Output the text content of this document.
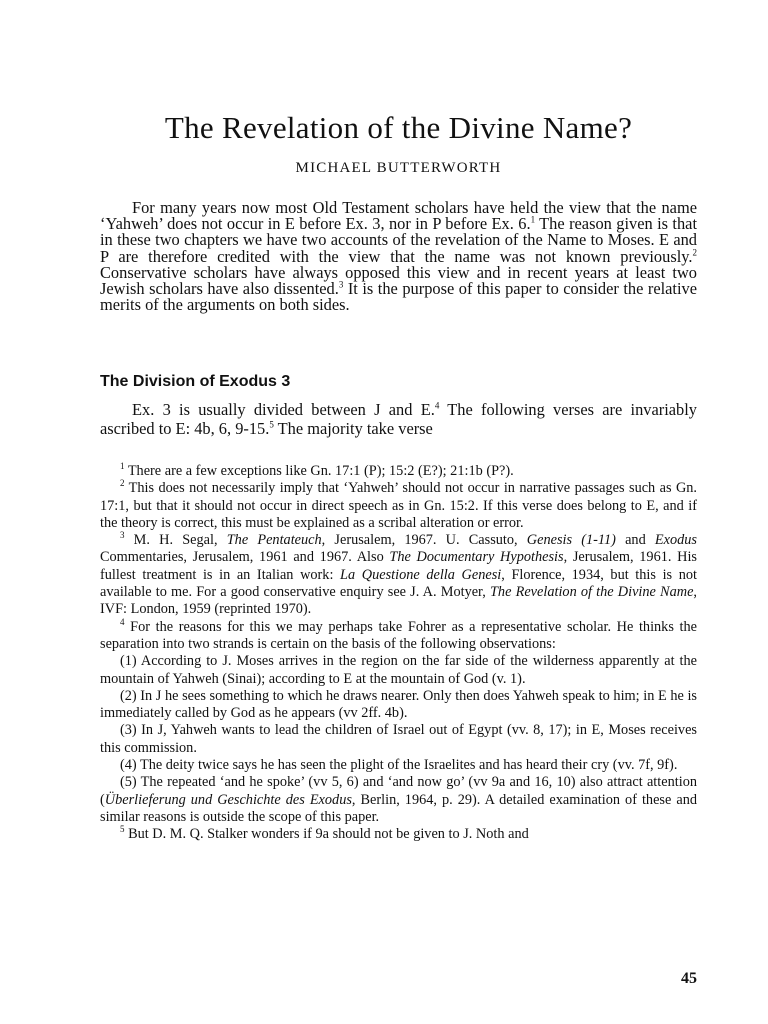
The Revelation of the Divine Name?
MICHAEL BUTTERWORTH

For many years now most Old Testament scholars have held the view that the name ‘Yahweh’ does not occur in E before Ex. 3, nor in P before Ex. 6.$^1$ The reason given is that in these two chapters we have two accounts of the revelation of the Name to Moses. E and P are therefore credited with the view that the name was not known previously.$^2$ Conservative scholars have always opposed this view and in recent years at least two Jewish scholars have also dissented.$^3$ It is the purpose of this paper to consider the relative merits of the arguments on both sides.

The Division of Exodus 3

Ex. 3 is usually divided between J and E.$^4$ The following verses are invariably ascribed to E: 4b, 6, 9-15.$^5$ The majority take verse

$^1$ There are a few exceptions like Gn. 17:1 (P); 15:2 (E?); 21:1b (P?).

$^2$ This does not necessarily imply that ‘Yahweh’ should not occur in narrative passages such as Gn. 17:1, but that it should not occur in direct speech as in Gn. 15:2. If this verse does belong to E, and if the theory is correct, this must be explained as a scribal alteration or error.

$^3$ M. H. Segal, The Pentateuch, Jerusalem, 1967. U. Cassuto, Genesis (1-11) and Exodus Commentaries, Jerusalem, 1961 and 1967. Also The Documentary Hypothesis, Jerusalem, 1961. His fullest treatment is in an Italian work: La Questione della Genesi, Florence, 1934, but this is not available to me. For a good conservative enquiry see J. A. Motyer, The Revelation of the Divine Name, IVF: London, 1959 (reprinted 1970).

$^4$ For the reasons for this we may perhaps take Fohrer as a representative scholar. He thinks the separation into two strands is certain on the basis of the following observations:

(1) According to J. Moses arrives in the region on the far side of the wilderness apparently at the mountain of Yahweh (Sinai); according to E at the mountain of God (v. 1).

(2) In J he sees something to which he draws nearer. Only then does Yahweh speak to him; in E he is immediately called by God as he appears (vv 2ff. 4b).

(3) In J, Yahweh wants to lead the children of Israel out of Egypt (vv. 8, 17); in E, Moses receives this commission.

(4) The deity twice says he has seen the plight of the Israelites and has heard their cry (vv. 7f, 9f).

(5) The repeated ‘and he spoke’ (vv 5, 6) and ‘and now go’ (vv 9a and 16, 10) also attract attention (Überlieferung und Geschichte des Exodus, Berlin, 1964, p. 29). A detailed examination of these and similar reasons is outside the scope of this paper.

$^5$ But D. M. Q. Stalker wonders if 9a should not be given to J. Noth and

45
